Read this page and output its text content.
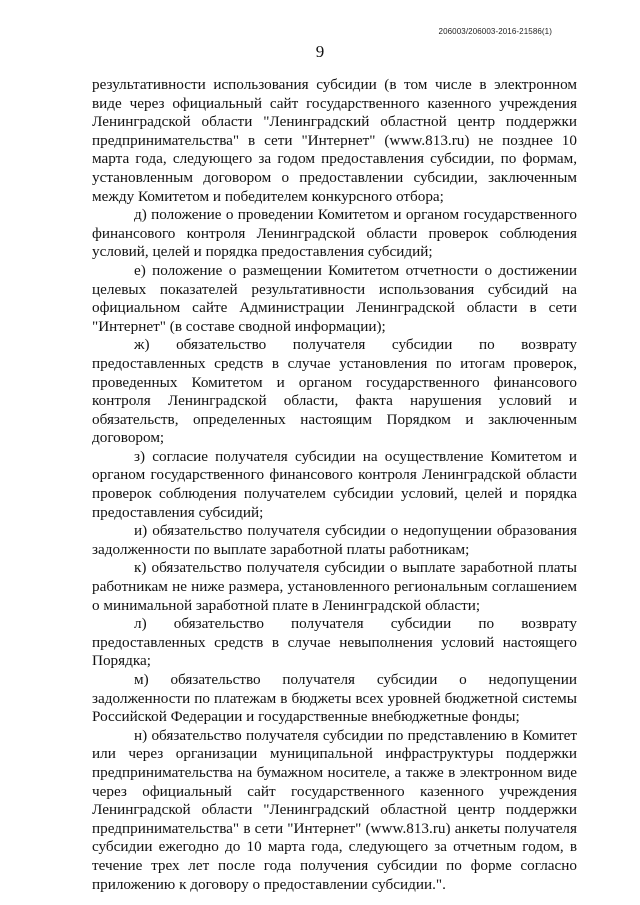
206003/206003-2016-21586(1)
9

результативности использования субсидии (в том числе в электронном виде через официальный сайт государственного казенного учреждения Ленинградской области "Ленинградский областной центр поддержки предпринимательства" в сети "Интернет" (www.813.ru) не позднее 10 марта года, следующего за годом предоставления субсидии, по формам, установленным договором о предоставлении субсидии, заключенным между Комитетом и победителем конкурсного отбора;

д) положение о проведении Комитетом и органом государственного финансового контроля Ленинградской области проверок соблюдения условий, целей и порядка предоставления субсидий;

е) положение о размещении Комитетом отчетности о достижении целевых показателей результативности использования субсидий на официальном сайте Администрации Ленинградской области в сети "Интернет" (в составе сводной информации);

ж) обязательство получателя субсидии по возврату предоставленных средств в случае установления по итогам проверок, проведенных Комитетом и органом государственного финансового контроля Ленинградской области, факта нарушения условий и обязательств, определенных настоящим Порядком и заключенным договором;

з) согласие получателя субсидии на осуществление Комитетом и органом государственного финансового контроля Ленинградской области проверок соблюдения получателем субсидии условий, целей и порядка предоставления субсидий;

и) обязательство получателя субсидии о недопущении образования задолженности по выплате заработной платы работникам;

к) обязательство получателя субсидии о выплате заработной платы работникам не ниже размера, установленного региональным соглашением о минимальной заработной плате в Ленинградской области;

л) обязательство получателя субсидии по возврату предоставленных средств в случае невыполнения условий настоящего Порядка;

м) обязательство получателя субсидии о недопущении задолженности по платежам в бюджеты всех уровней бюджетной системы Российской Федерации и государственные внебюджетные фонды;

н) обязательство получателя субсидии по представлению в Комитет или через организации муниципальной инфраструктуры поддержки предпринимательства на бумажном носителе, а также в электронном виде через официальный сайт государственного казенного учреждения Ленинградской области "Ленинградский областной центр поддержки предпринимательства" в сети "Интернет" (www.813.ru) анкеты получателя субсидии ежегодно до 10 марта года, следующего за отчетным годом, в течение трех лет после года получения субсидии по форме согласно приложению к договору о предоставлении субсидии.".
